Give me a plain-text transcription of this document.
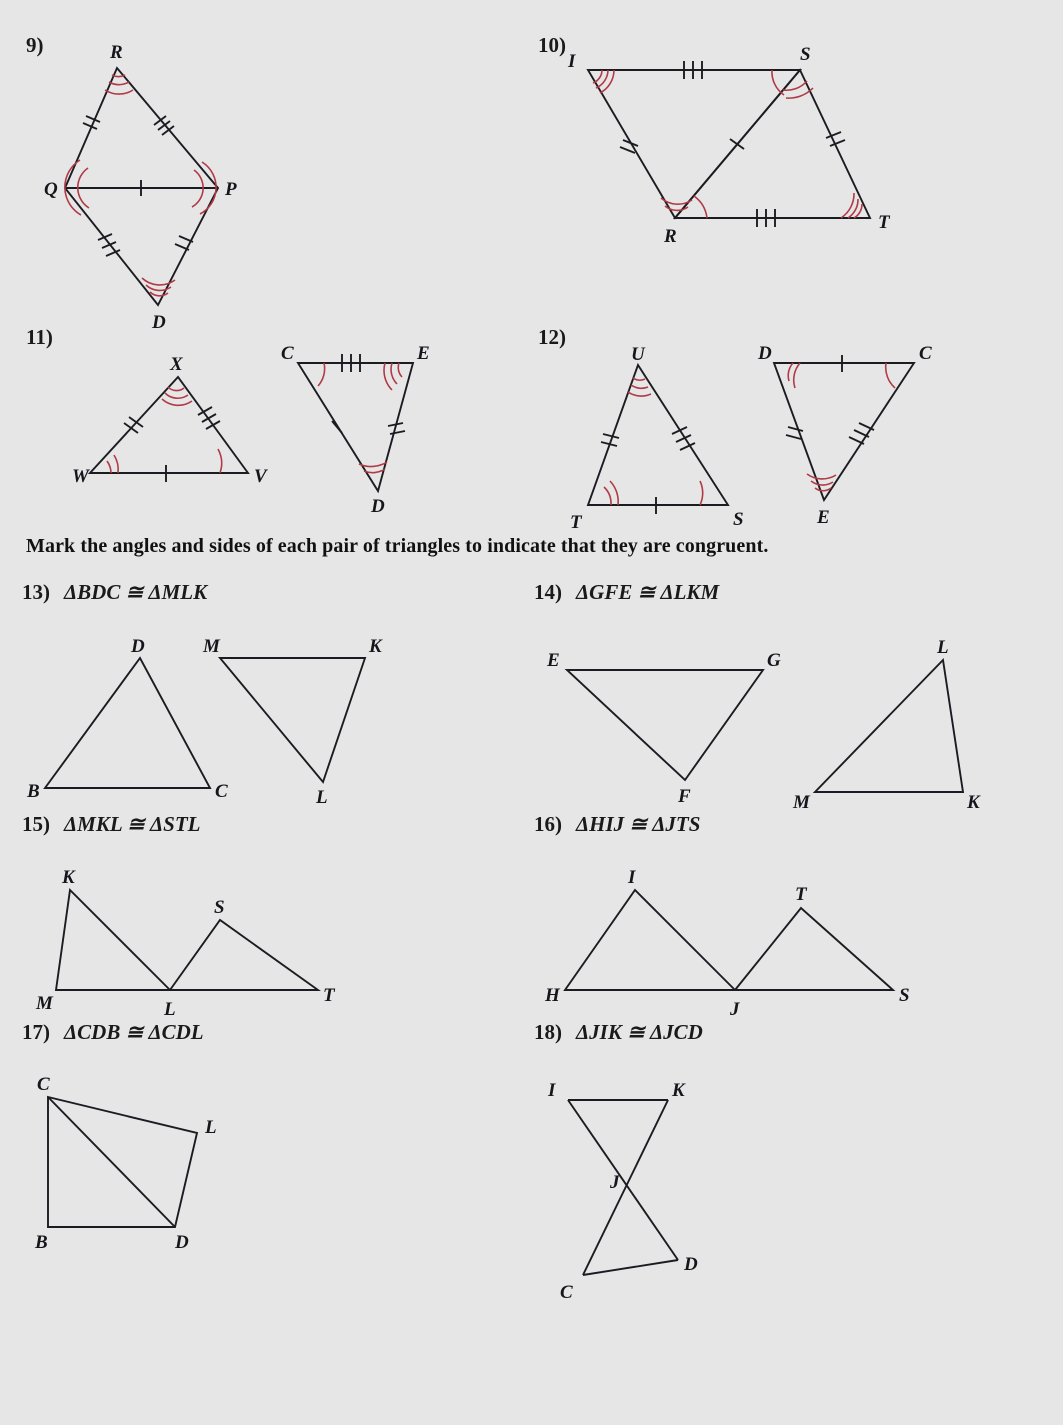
9)	R
Q	P
D
10)
I	S
R
T
11)
X
W	V
C	E
D
12)
U
T	S
D	C
E
Mark the angles and sides of each pair of triangles to indicate that they are congruent.
13) ΔBDC ≅ ΔMLK
D
B	C
M	K
L
14) ΔGFE ≅ ΔLKM
E	G
F
L
M	K
15) ΔMKL ≅ ΔSTL
K
S
M	L
T
16) ΔHIJ ≅ ΔJTS
I
T
H
J
S
17) ΔCDB ≅ ΔCDL
C
L
B	D
18) ΔJIK ≅ ΔJCD
I	K
J
C
D
